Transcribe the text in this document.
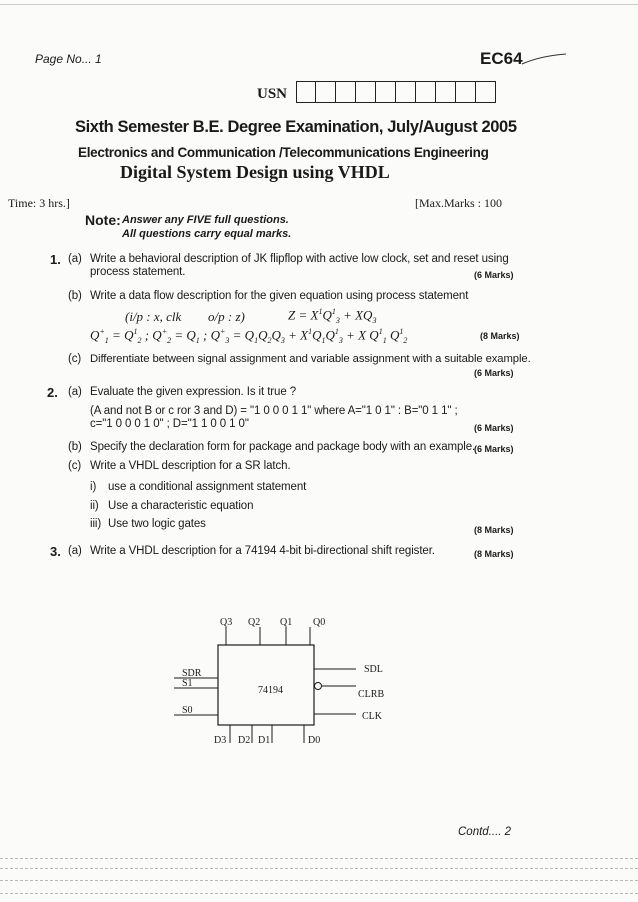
Page No... 1	EC64
USN
Sixth Semester B.E. Degree Examination, July/August 2005
Electronics and Communication /Telecommunications Engineering
Digital System Design using VHDL
Time: 3 hrs.]	[Max.Marks : 100
Note: Answer any FIVE full questions.
All questions carry equal marks.
1. (a) Write a behavioral description of JK flipflop with active low clock, set and reset using
process statement.	(6 Marks)
(b) Write a data flow description for the given equation using process statement
(i/p : x, clk o/p : z)	$Z = X^1Q^1_3 + XQ_3$
$Q^+_1 = Q^1_2$ ; $Q^+_2 = Q_1$ ; $Q^+_3 = Q_1Q_2Q_3 + X^1Q_1Q^1_3 + X$ $Q^1_1$ $Q^1_2$	(8 Marks)
(c) Differentiate between signal assignment and variable assignment with a suitable example.
(6 Marks)
2. (a) Evaluate the given expression. Is it true ?
(A and not B or c ror 3 and D) = "1 0 0 0 1 1" where A="1 0 1" : B="0 1 1" ;
c="1 0 0 0 1 0" ; D="1 1 0 0 1 0"	(6 Marks)
(b) Specify the declaration form for package and package body with an example.
(6 Marks)
(c) Write a VHDL description for a SR latch.
i) use a conditional assignment statement
ii) Use a characteristic equation
iii) Use two logic gates	(8 Marks)
3. (a) Write a VHDL description for a 74194 4-bit bi-directional shift register.	(8 Marks)
74194
Q3 Q2 Q1 Q0
SDR
S1
S0
SDL
CLRB
CLK
D3 D2 D1	D0
Contd.... 2
